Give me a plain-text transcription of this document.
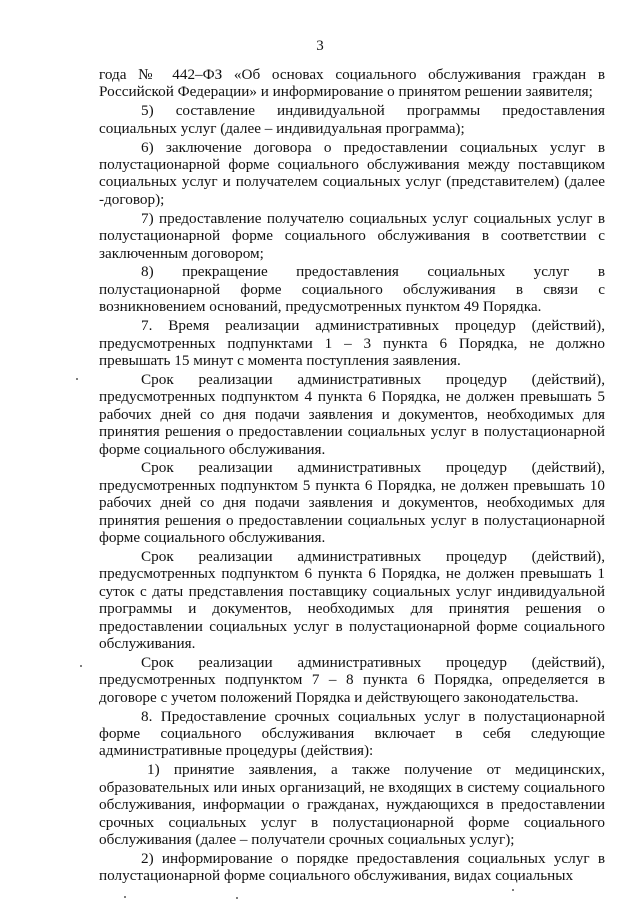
3

года № 442–ФЗ «Об основах социального обслуживания граждан в Российской Федерации» и информирование о принятом решении заявителя;

5) составление индивидуальной программы предоставления социальных услуг (далее – индивидуальная программа);

6) заключение договора о предоставлении социальных услуг в полустационарной форме социального обслуживания между поставщиком социальных услуг и получателем социальных услуг (представителем) (далее -договор);

7) предоставление получателю социальных услуг социальных услуг в полустационарной форме социального обслуживания в соответствии с заключенным договором;

8) прекращение предоставления социальных услуг в полустационарной форме социального обслуживания в связи с возникновением оснований, предусмотренных пунктом 49 Порядка.

7. Время реализации административных процедур (действий), предусмотренных подпунктами 1 – 3 пункта 6 Порядка, не должно превышать 15 минут с момента поступления заявления.

Срок реализации административных процедур (действий), предусмотренных подпунктом 4 пункта 6 Порядка, не должен превышать 5 рабочих дней со дня подачи заявления и документов, необходимых для принятия решения о предоставлении социальных услуг в полустационарной форме социального обслуживания.

Срок реализации административных процедур (действий), предусмотренных подпунктом 5 пункта 6 Порядка, не должен превышать 10 рабочих дней со дня подачи заявления и документов, необходимых для принятия решения о предоставлении социальных услуг в полустационарной форме социального обслуживания.

Срок реализации административных процедур (действий), предусмотренных подпунктом 6 пункта 6 Порядка, не должен превышать 1 суток с даты представления поставщику социальных услуг индивидуальной программы и документов, необходимых для принятия решения о предоставлении социальных услуг в полустационарной форме социального обслуживания.

Срок реализации административных процедур (действий), предусмотренных подпунктом 7 – 8 пункта 6 Порядка, определяется в договоре с учетом положений Порядка и действующего законодательства.

8. Предоставление срочных социальных услуг в полустационарной форме социального обслуживания включает в себя следующие административные процедуры (действия):

1) принятие заявления, а также получение от медицинских, образовательных или иных организаций, не входящих в систему социального обслуживания, информации о гражданах, нуждающихся в предоставлении срочных социальных услуг в полустационарной форме социального обслуживания (далее – получатели срочных социальных услуг);

2) информирование о порядке предоставления социальных услуг в полустационарной форме социального обслуживания, видах социальных
